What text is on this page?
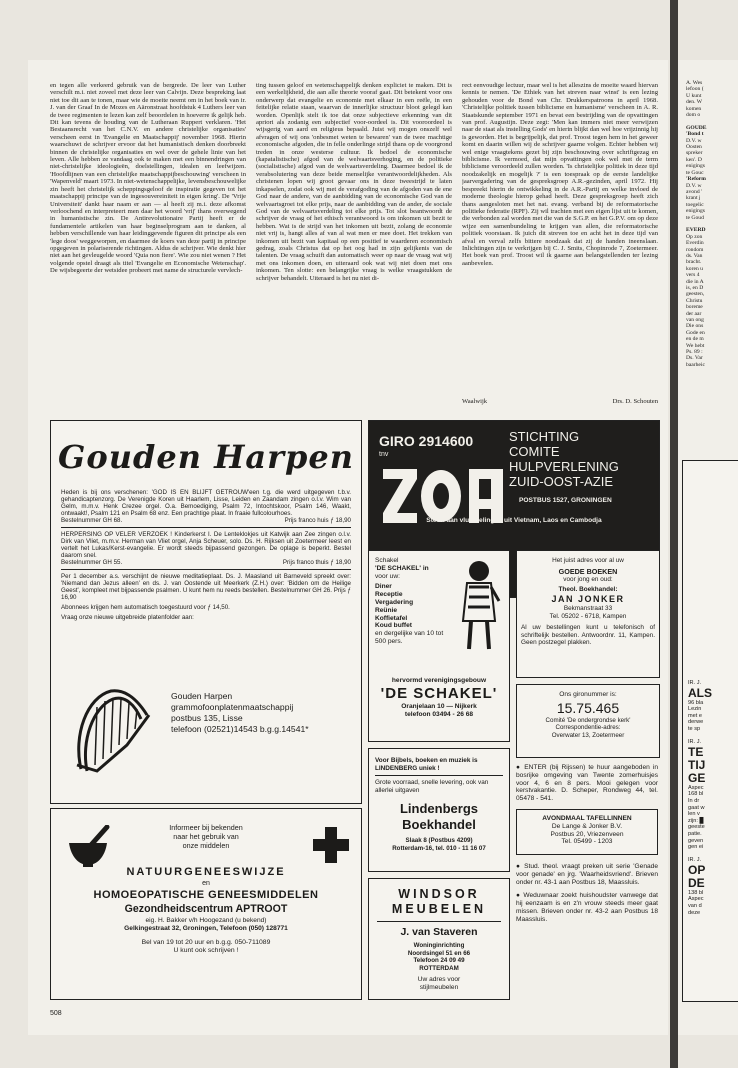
en tegen alle verkeerd gebruik van de bergrede. De leer van Luther verschilt m.i. niet zoveel met deze leer van Calvijn. Deze bespreking laat niet toe dit aan te tonen, maar wie de moeite neemt om in het boek van ir. J. van der Graaf In de Mozes en Aäronstraat hoofdstuk 4 Luthers leer van de twee regimenten te lezen kan zelf beoordelen in hoeverre ik gelijk heb. Dit kan tevens de houding van de Lutheraan Ruppert verklaren. 'Het Bestaansrecht van het C.N.V. en andere christelijke organisaties' verscheen eerst in 'Evangelie en Maatschappij' november 1968. Hierin waarschuwt de schrijver ervoor dat het humanistisch denken doorbreekt binnen de christelijke organisaties en wel over de gehele linie van het leven. Alle hebben ze vandaag ook te maken met een binnendringen van niet-christelijke ideologieën, doelstellingen, idealen en leefwijzen. 'Hoofdlijnen van een christelijke maatschappijbeschouwing' verscheen in 'Wapenveld' maart 1973. In niet-wetenschappelijke, levensbeschouwelijke zin heeft het christelijk scheppingsgeloof de inspiratie gegeven tot het maatschappij principe van de ingesouvereiniteit in eigen kring'. De 'Vrije Universiteit' dankt haar naam er aan — al heeft zij m.i. deze afkomst verloochend en interpreteert men daar het woord 'vrij' thans overwegend in humanistische zin. De Antirevolutionaire Partij heeft er de fundamentele artikelen van haar beginselprogram aan te danken, al hebben verschillende van haar leidinggevende figuren dit principe als een 'lege doos' weggeworpen, en daarmee de koers van deze partij in principe opgegeven in polariserende richtingen. Aldus de schrijver. Wie denkt hier niet aan het gevleugelde woord 'Quia non fiere'. Wie zou niet wenen ? Het volgende opstel draagt als titel 'Evangelie en Economische Wetenschap'. De wijsbegeerte der wetsidee probeert met name de structurele vervlech-

ting tussen geloof en wetenschappelijk denken expliciet te maken. Dit is een werkelijkheid, die aan alle theorie vooraf gaat. Dit betekent voor ons onderwerp dat evangelie en economie met elkaar in een reële, in een feitelijke relatie staan, waarvan de innerlijke structuur bloot gelegd kan worden. Openlijk stelt ik toe dat onze subjectieve erkenning van dit apriori als zodanig een subjectief voor-oordeel is. Dit vooroordeel is wijsgerig van aard en religieus bepaald. Juist wij mogen onszelf wel afvragen of wij ons 'onbesmet weten te bewaren' van de twee machtige economische afgoden, die in felle onderlinge strijd thans op de voorgrond treden in onze westerse cultuur. Ik bedoel de economische (kapatalistische) afgod van de welvaartsverhoging, en de politieke (socialistische) afgod van de welvaartsverdeling. Daarmee bedoel ik de verabsolutering van deze beide menselijke verantwoordelijkheden. Als christenen lopen wij groot gevaar ons in deze tweestrijd te laten inkapselen, zodat ook wij met de verafgoding van de afgoden van de ene God naar de andere, van de aanbidding van de economische God van de welvaartsgroei tot elke prijs, naar de aanbidding van de ander, de sociale God van de welvaartsverdeling tot elke prijs. Tot slot beantwoordt de schrijver de vraag of het ethisch verantwoord is om inkomen uit bezit te hebben. Wat is de strijd van het inkomen uit bezit, zolang de economie niet vrij is, hangt alles af van al wat men er mee doet. Het trekken van inkomen uit bezit van kapitaal op een positief te waarderen economisch gedrag, zoals Christus dat op het oog had in zijn gelijkenis van de talenten. De vraag schuift dan automatisch weer op naar de vraag wat wij met ons inkomen doen, en uiteraard ook wat wij niet doen met ons inkomen. Ten slotte: een belangrijke vraag is welke vraagstukken de schrijver behandelt. Uiteraard is het nu niet di-

rect eenvoudige lectuur, maar wel is het alleszins de moeite waard hiervan kennis te nemen. 'De Ethiek van het streven naar winst' is een lezing gehouden voor de Bond van Chr. Drukkerspatroons in april 1968. 'Christelijke politiek tussen biblicisme en humanisme' verscheen in A. R. Staatskunde september 1971 en bevat een bestrijding van de opvattingen van prof. Augustijn. Deze zegt: 'Men kan immers niet meer verwijzen naar de staat als instelling Gods' en hierin blijkt dan wel hoe vrijzinnig hij is geworden. Het is begrijpelijk, dat prof. Troost tegen hem in het geweer komt en daarin willen wij de schrijver gaarne volgen. Echter hebben wij wel enige vraagtekens gezet bij zijn beschouwing over schriftgezag en biblicisme. Ik vermoed, dat mijn opvattingen ook wel met de term biblicisme veroordeeld zullen worden. 'Is christelijke politiek in deze tijd noodzakelijk en mogelijk ?' is een toespraak op de eerste landelijke jaarvergadering van de gespreksgroep A.R.-gezinden, april 1972. Hij bespreekt hierin de ontwikkeling in de A.R.-Partij en welke invloed de moderne theologie hierop gehad heeft. Deze gespreksgroep heeft zich thans aangesloten met het nat. evang. verband bij de reformatorische politieke federatie (RPF). Zij wil trachten met een eigen lijst uit te komen, die verbonden zal worden met die van de S.G.P. en het G.P.V. om op deze wijze een samenbundeling te krijgen van allen, die reformatorische politiek voorstaan. Ik juich dit streven toe en acht het in deze tijd van afval en verval zelfs bittere noodzaak dat zij de handen ineenslaan. Inlichtingen zijn te verkrijgen bij C. J. Smits, Chopinrode 7, Zoetermeer. Het boek van prof. Troost wil ik gaarne aan belangstellenden ter lezing aanbevelen.

Waalwijk	Drs. D. Schouten
Gouden Harpen

Heden is bij ons verschenen: 'GOD IS EN BLIJFT GETROUW'een t.g. die werd uitgegeven t.b.v. gehandicaptenzorg. De Verenigde Koren uit Haarlem, Lisse, Leiden en Zaandam zingen o.l.v. Wim van Gelm, m.m.v. Henk Crezee orgel. O.a. Bemoediging, Psalm 72, Intochtskoor, Psalm 146, Waakt, ontwaakt!, Psalm 121 en Psalm 68 enz. Een prachtige plaat. In fraaie fullcolourhoes.

Bestelnummer GH 68.	Prijs franco huis ƒ 18,90

HERPERSING OP VELER VERZOEK ! Kinderkerst I. De Lenteklokjes uit Katwijk aan Zee zingen o.l.v. Dirk van Vliet, m.m.v. Herman van Vliet orgel, Anja Scheuer, solo. Ds. H. Rijksen uit Zoetermeer leest en vertelt het Lukas/Kerst-evangelie. Er wordt steeds bijpassend gezongen. De oplage is beperkt. Bestel daarom snel.

Bestelnummer GH 55.	Prijs franco thuis ƒ 18,90

Per 1 december a.s. verschijnt de nieuwe meditatieplaat. Ds. J. Maasland uit Barneveld spreekt over: 'Niemand dan Jezus alleen' en ds. J. van Oostende uit Meerkerk (Z.H.) over: 'Bidden om de Heilige Geest', kompleet met bijpassende psalmen. U kunt hem nu reeds bestellen. Bestelnummer GH 26. Prijs ƒ 16,90

Abonnees krijgen hem automatisch toegestuurd voor ƒ 14,50.

Vraag onze nieuwe uitgebreide platenfolder aan:

Gouden Harpen
grammofoonplatenmaatschappij
postbus 135, Lisse
telefoon (02521)14543 b.g.g.14541*
Informeer bij bekenden
naar het gebruik van
onze middelen
NATUURGENEESWIJZE
en
HOMOEOPATISCHE GENEESMIDDELEN
Gezondheidscentrum APTROOT
eig. H. Bakker v/h Hoogezand (u bekend)
Gelkingestraat 32, Groningen, Telefoon (050) 128771
Bel van 19 tot 20 uur en b.g.g. 050-711089
U kunt ook schrijven !
GIRO 2914600
tnv
STICHTING
COMITE
HULPVERLENING
ZUID-OOST-AZIE
POSTBUS 1527, GRONINGEN
Steun aan vluchtelingen uit Vietnam, Laos en Cambodja
Schakel
'DE SCHAKEL' in
voor uw:
Diner
Receptie
Vergadering
Reünie
Koffietafel
Koud buffet
en dergelijke van 10 tot 500 pers.
hervormd verenigingsgebouw
'DE SCHAKEL'
Oranjelaan 10 — Nijkerk
telefoon 03494 - 26 68
Voor Bijbels, boeken en muziek is LINDENBERG uniek !
Grote voorraad, snelle levering, ook van allerlei uitgaven
Lindenbergs
Boekhandel
Slaak 8 (Postbus 4209)
Rotterdam-16, tel. 010 - 11 16 07
WINDSOR
MEUBELEN
J. van Staveren
Woninginrichting
Noordsingel 51 en 66
Telefoon 24 09 49
ROTTERDAM
Uw adres voor stijlmeubelen
Het juist adres voor al uw
GOEDE BOEKEN
voor jong en oud:
Theol. Boekhandel:
JAN JONKER
Bekmanstraat 33
Tel. 05202 - 6718, Kampen
Al uw bestellingen kunt u telefonisch of schriftelijk bestellen. Antwoordnr. 11, Kampen. Geen postzegel plakken.
Ons gironummer is:
15.75.465
Comité 'De ondergrondse kerk'
Correspondentie-adres:
Overwater 13, Zoetermeer

● ENTER (bij Rijssen) te huur aangeboden in bosrijke omgeving van Twente zomerhuisjes voor 4, 6 en 8 pers. Mooi gelegen voor kerstvakantie. D. Scheper, Rondweg 44, tel. 05478 - 541.

AVONDMAAL TAFELLINNEN
De Lange & Jonker B.V.
Postbus 20, Vriezenveen
Tel. 05499 - 1203

● Stud. theol. vraagt preken uit serie 'Genade voor genade' en jrg. 'Waarheidsvriend'. Brieven onder nr. 43-1 aan Postbus 18, Maassluis.

● Weduwnaar zoekt huishoudster vanwege dat hij eenzaam is en z'n vrouw steeds meer gaat missen. Brieven onder nr. 43-2 aan Postbus 18 Maassluis.

508
A. Wes
lefoon (
U kunt
den. W
komen
dom o

GOUDE
'Bond t
D.V. w
Oosten
spreker
ken'. D
enigings
te Gouc
'Reform
D.V. w
avond '
krant j
toegelic
enigings
te Goud

EVERD
Op zon
Everdin
rondom
ds. Van
bracht.
koren u
vers 4
die in A
is, en D
geesten,
Christu
boreme
der aar
van ong
Die ons
Gode en
en de m
We hebt
Ps. 89 :
Ds. Var
baarheic
IR. J.
ALS
96 bla
Lezin
met e
derwe
te sp

IR. J.
TE
TIJ
GE
Aspec
168 bl
In dr
gaat w
len v
zijn: █
geeste
patie.
geven
gen ei

IR. J.
OP
DE
138 bl
Aspec
van d
deze
